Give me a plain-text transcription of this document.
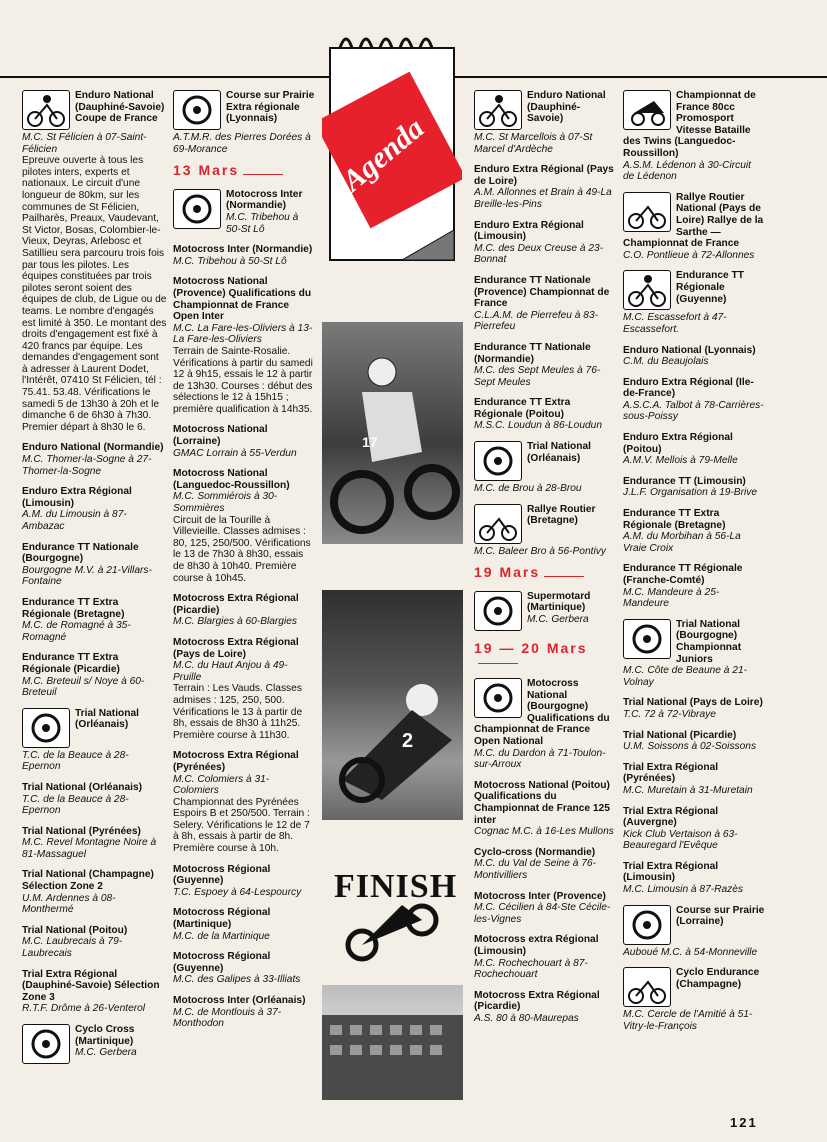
Agenda
17
2
FINISH
Enduro National (Dauphiné-Savoie) Coupe de France
M.C. St Félicien à 07-Saint-Félicien
Epreuve ouverte à tous les pilotes inters, experts et nationaux. Le circuit d'une longueur de 80km, sur les communes de St Félicien, Pailharès, Preaux, Vaudevant, St Victor, Bosas, Colombier-le-Vieux, Deyras, Arlebosc et Satillieu sera parcouru trois fois par tous les pilotes. Les équipes constituées par trois pilotes seront soient des équipes de club, de Ligue ou de teams. Le nombre d'engagés est limité à 350. Le montant des droits d'engagement est fixé à 420 francs par équipe. Les demandes d'engagement sont à adresser à Laurent Dodet, l'Intérêt, 07410 St Félicien, tél : 75.41. 53.48. Vérifications le samedi 5 de 13h30 à 20h et le dimanche 6 de 6h30 à 7h30. Premier départ à 8h30 le 6.
Enduro National (Normandie)
M.C. Thomer-la-Sogne à 27-Thomer-la-Sogne
Enduro Extra Régional (Limousin)
A.M. du Limousin à 87-Ambazac
Endurance TT Nationale (Bourgogne)
Bourgogne M.V. à 21-Villars-Fontaine
Endurance TT Extra Régionale (Bretagne)
M.C. de Romagné à 35-Romagné
Endurance TT Extra Régionale (Picardie)
M.C. Breteuil s/ Noye à 60-Breteuil
Trial National (Orléanais)
T.C. de la Beauce à 28-Epernon
Trial National (Orléanais)
T.C. de la Beauce à 28-Epernon
Trial National (Pyrénées)
M.C. Revel Montagne Noire à 81-Massaguel
Trial National (Champagne) Sélection Zone 2
U.M. Ardennes à 08-Monthermé
Trial National (Poitou)
M.C. Laubrecais à 79-Laubrecais
Trial Extra Régional (Dauphiné-Savoie) Sélection Zone 3
R.T.F. Drôme à 26-Venterol
Cyclo Cross (Martinique)
M.C. Gerbera
Course sur Prairie Extra régionale (Lyonnais)
A.T.M.R. des Pierres Dorées à 69-Morance
13 Mars
Motocross Inter (Normandie)
M.C. Tribehou à 50-St Lô
Motocross Inter (Normandie)
M.C. Tribehou à 50-St Lô
Motocross National (Provence) Qualifications du Championnat de France Open Inter
M.C. La Fare-les-Oliviers à 13-La Fare-les-Oliviers
Terrain de Sainte-Rosalie. Vérifications à partir du samedi 12 à 9h15, essais le 12 à partir de 13h30. Courses : début des sélections le 12 à 15h15 ; première qualification à 14h35.
Motocross National (Lorraine)
GMAC Lorrain à 55-Verdun
Motocross National (Languedoc-Roussillon)
M.C. Sommiérois à 30-Sommières
Circuit de la Tourille à Villevieille. Classes admises : 80, 125, 250/500. Vérifications le 13 de 7h30 à 8h30, essais de 8h30 à 10h40. Première course à 10h45.
Motocross Extra Régional (Picardie)
M.C. Blargies à 60-Blargies
Motocross Extra Régional (Pays de Loire)
M.C. du Haut Anjou à 49-Pruille
Terrain : Les Vauds. Classes admises : 125, 250, 500. Vérifications le 13 à partir de 8h, essais de 8h30 à 11h25. Première course à 11h30.
Motocross Extra Régional (Pyrénées)
M.C. Colomiers à 31-Colomiers
Championnat des Pyrénées Espoirs B et 250/500. Terrain : Selery. Vérifications le 12 de 7 à 8h, essais à partir de 8h. Première course à 10h.
Motocross Régional (Guyenne)
T.C. Espoey à 64-Lespourcy
Motocross Régional (Martinique)
M.C. de la Martinique
Motocross Régional (Guyenne)
M.C. des Galipes à 33-Illiats
Motocross Inter (Orléanais)
M.C. de Montlouis à 37-Monthodon
Enduro National (Dauphiné-Savoie)
M.C. St Marcellois à 07-St Marcel d'Ardèche
Enduro Extra Régional (Pays de Loire)
A.M. Allonnes et Brain à 49-La Breille-les-Pins
Enduro Extra Régional (Limousin)
M.C. des Deux Creuse à 23-Bonnat
Endurance TT Nationale (Provence) Championnat de France
C.L.A.M. de Pierrefeu à 83-Pierrefeu
Endurance TT Nationale (Normandie)
M.C. des Sept Meules à 76-Sept Meules
Endurance TT Extra Régionale (Poitou)
M.S.C. Loudun à 86-Loudun
Trial National (Orléanais)
M.C. de Brou à 28-Brou
Rallye Routier (Bretagne)
M.C. Baleer Bro à 56-Pontivy
19 Mars
Supermotard (Martinique)
M.C. Gerbera
19 — 20 Mars
Motocross National (Bourgogne) Qualifications du Championnat de France Open National
M.C. du Dardon à 71-Toulon-sur-Arroux
Motocross National (Poitou) Qualifications du Championnat de France 125 inter
Cognac M.C. à 16-Les Mullons
Cyclo-cross (Normandie)
M.C. du Val de Seine à 76-Montivilliers
Motocross Inter (Provence)
M.C. Cécilien à 84-Ste Cécile-les-Vignes
Motocross extra Régional (Limousin)
M.C. Rochechouart à 87-Rochechouart
Motocross Extra Régional (Picardie)
A.S. 80 à 80-Maurepas
Championnat de France 80cc Promosport Vitesse Bataille des Twins (Languedoc-Roussillon)
A.S.M. Lédenon à 30-Circuit de Lédenon
Rallye Routier National (Pays de Loire) Rallye de la Sarthe — Championnat de France
C.O. Pontlieue à 72-Allonnes
Endurance TT Régionale (Guyenne)
M.C. Escassefort à 47-Escassefort.
Enduro National (Lyonnais)
C.M. du Beaujolais
Enduro Extra Régional (Ile-de-France)
A.S.C.A. Talbot à 78-Carrières-sous-Poissy
Enduro Extra Régional (Poitou)
A.M.V. Mellois à 79-Melle
Endurance TT (Limousin)
J.L.F. Organisation à 19-Brive
Endurance TT Extra Régionale (Bretagne)
A.M. du Morbihan à 56-La Vraie Croix
Endurance TT Régionale (Franche-Comté)
M.C. Mandeure à 25-Mandeure
Trial National (Bourgogne) Championnat Juniors
M.C. Côte de Beaune à 21-Volnay
Trial National (Pays de Loire)
T.C. 72 à 72-Vibraye
Trial National (Picardie)
U.M. Soissons à 02-Soissons
Trial Extra Régional (Pyrénées)
M.C. Muretain à 31-Muretain
Trial Extra Régional (Auvergne)
Kick Club Vertaison à 63-Beauregard l'Evêque
Trial Extra Régional (Limousin)
M.C. Limousin à 87-Razès
Course sur Prairie (Lorraine)
Auboué M.C. à 54-Monneville
Cyclo Endurance (Champagne)
M.C. Cercle de l'Amitié à 51-Vitry-le-François
121
